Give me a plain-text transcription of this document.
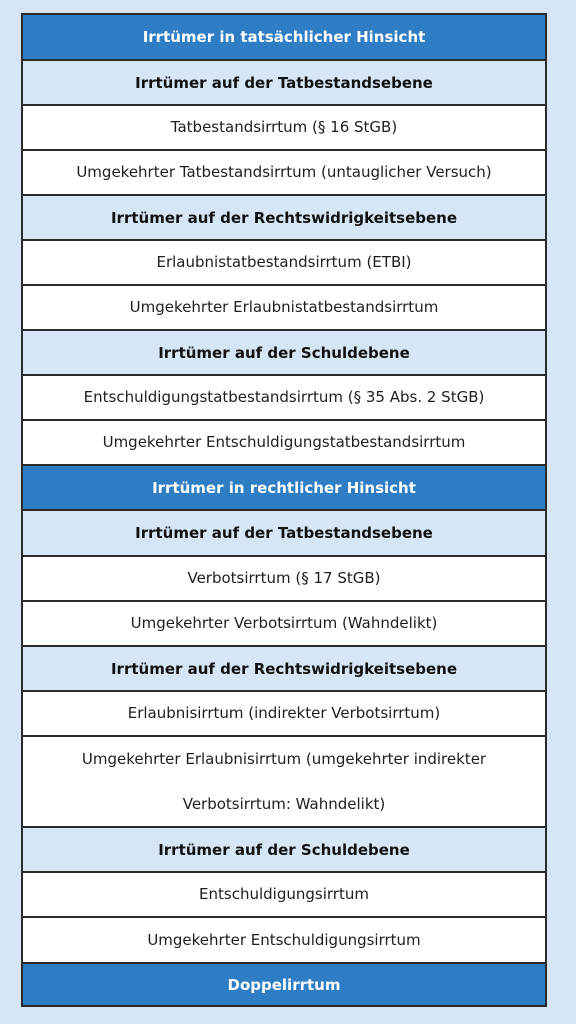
Irrtümer in tatsächlicher Hinsicht
Irrtümer auf der Tatbestandsebene
Tatbestandsirrtum (§ 16 StGB)
Umgekehrter Tatbestandsirrtum (untauglicher Versuch)
Irrtümer auf der Rechtswidrigkeitsebene
Erlaubnistatbestandsirrtum (ETBI)
Umgekehrter Erlaubnistatbestandsirrtum
Irrtümer auf der Schuldebene
Entschuldigungstatbestandsirrtum (§ 35 Abs. 2 StGB)
Umgekehrter Entschuldigungstatbestandsirrtum
Irrtümer in rechtlicher Hinsicht
Irrtümer auf der Tatbestandsebene
Verbotsirrtum (§ 17 StGB)
Umgekehrter Verbotsirrtum (Wahndelikt)
Irrtümer auf der Rechtswidrigkeitsebene
Erlaubnisirrtum (indirekter Verbotsirrtum)
Umgekehrter Erlaubnisirrtum (umgekehrter indirekter Verbotsirrtum: Wahndelikt)
Irrtümer auf der Schuldebene
Entschuldigungsirrtum
Umgekehrter Entschuldigungsirrtum
Doppelirrtum
